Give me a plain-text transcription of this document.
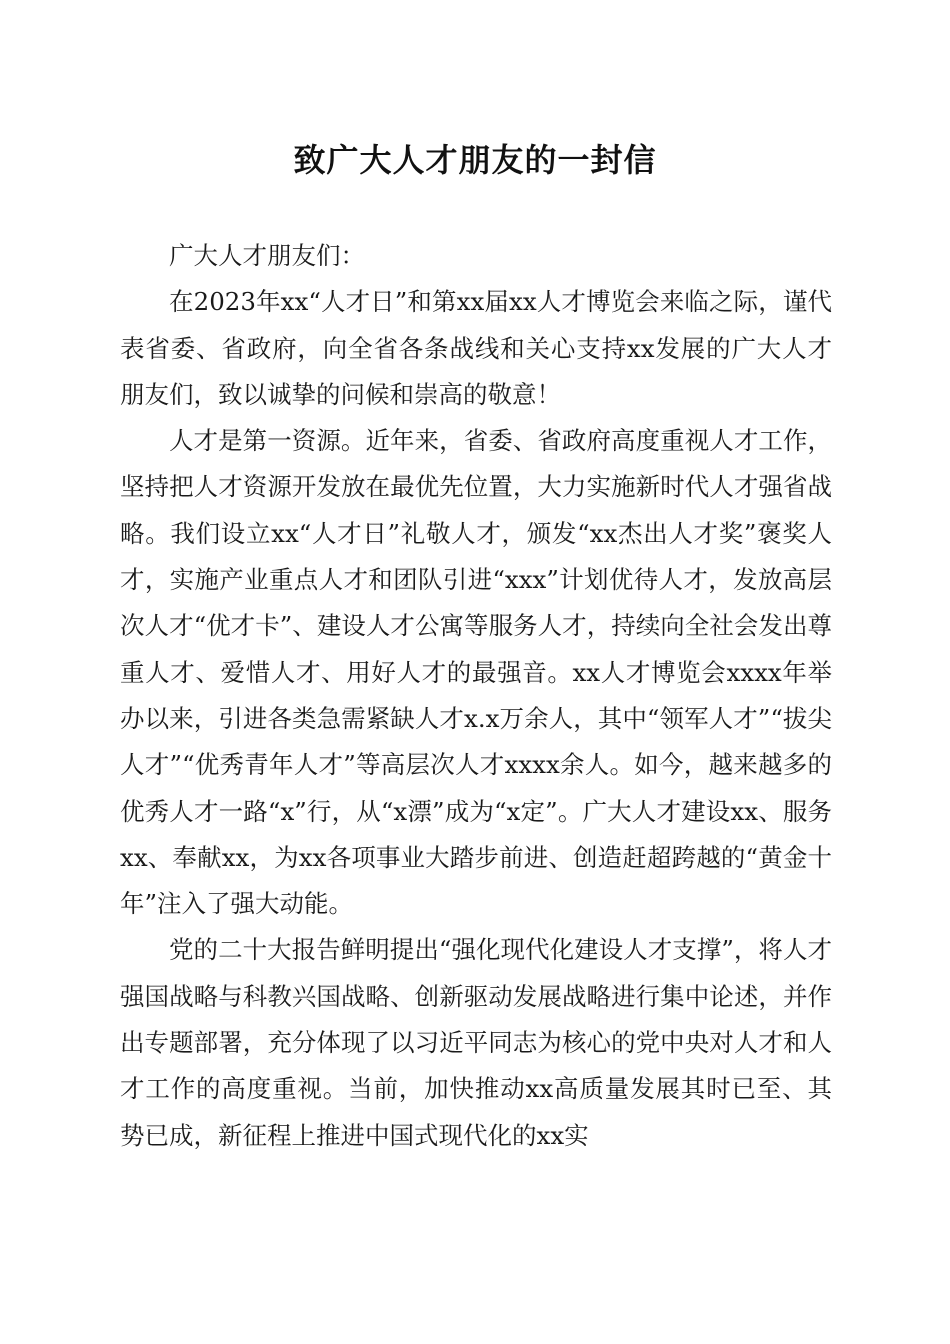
致广大人才朋友的一封信

广大人才朋友们：

在2023年xx“人才日”和第xx届xx人才博览会来临之际，谨代表省委、省政府，向全省各条战线和关心支持xx发展的广大人才朋友们，致以诚挚的问候和崇高的敬意！

人才是第一资源。近年来，省委、省政府高度重视人才工作，坚持把人才资源开发放在最优先位置，大力实施新时代人才强省战略。我们设立xx“人才日”礼敬人才，颁发“xx杰出人才奖”褒奖人才，实施产业重点人才和团队引进“xxx”计划优待人才，发放高层次人才“优才卡”、建设人才公寓等服务人才，持续向全社会发出尊重人才、爱惜人才、用好人才的最强音。xx人才博览会xxxx年举办以来，引进各类急需紧缺人才x.x万余人，其中“领军人才”“拔尖人才”“优秀青年人才”等高层次人才xxxx余人。如今，越来越多的优秀人才一路“x”行，从“x漂”成为“x定”。广大人才建设xx、服务xx、奉献xx，为xx各项事业大踏步前进、创造赶超跨越的“黄金十年”注入了强大动能。

党的二十大报告鲜明提出“强化现代化建设人才支撑”，将人才强国战略与科教兴国战略、创新驱动发展战略进行集中论述，并作出专题部署，充分体现了以习近平同志为核心的党中央对人才和人才工作的高度重视。当前，加快推动xx高质量发展其时已至、其势已成，新征程上推进中国式现代化的xx实
